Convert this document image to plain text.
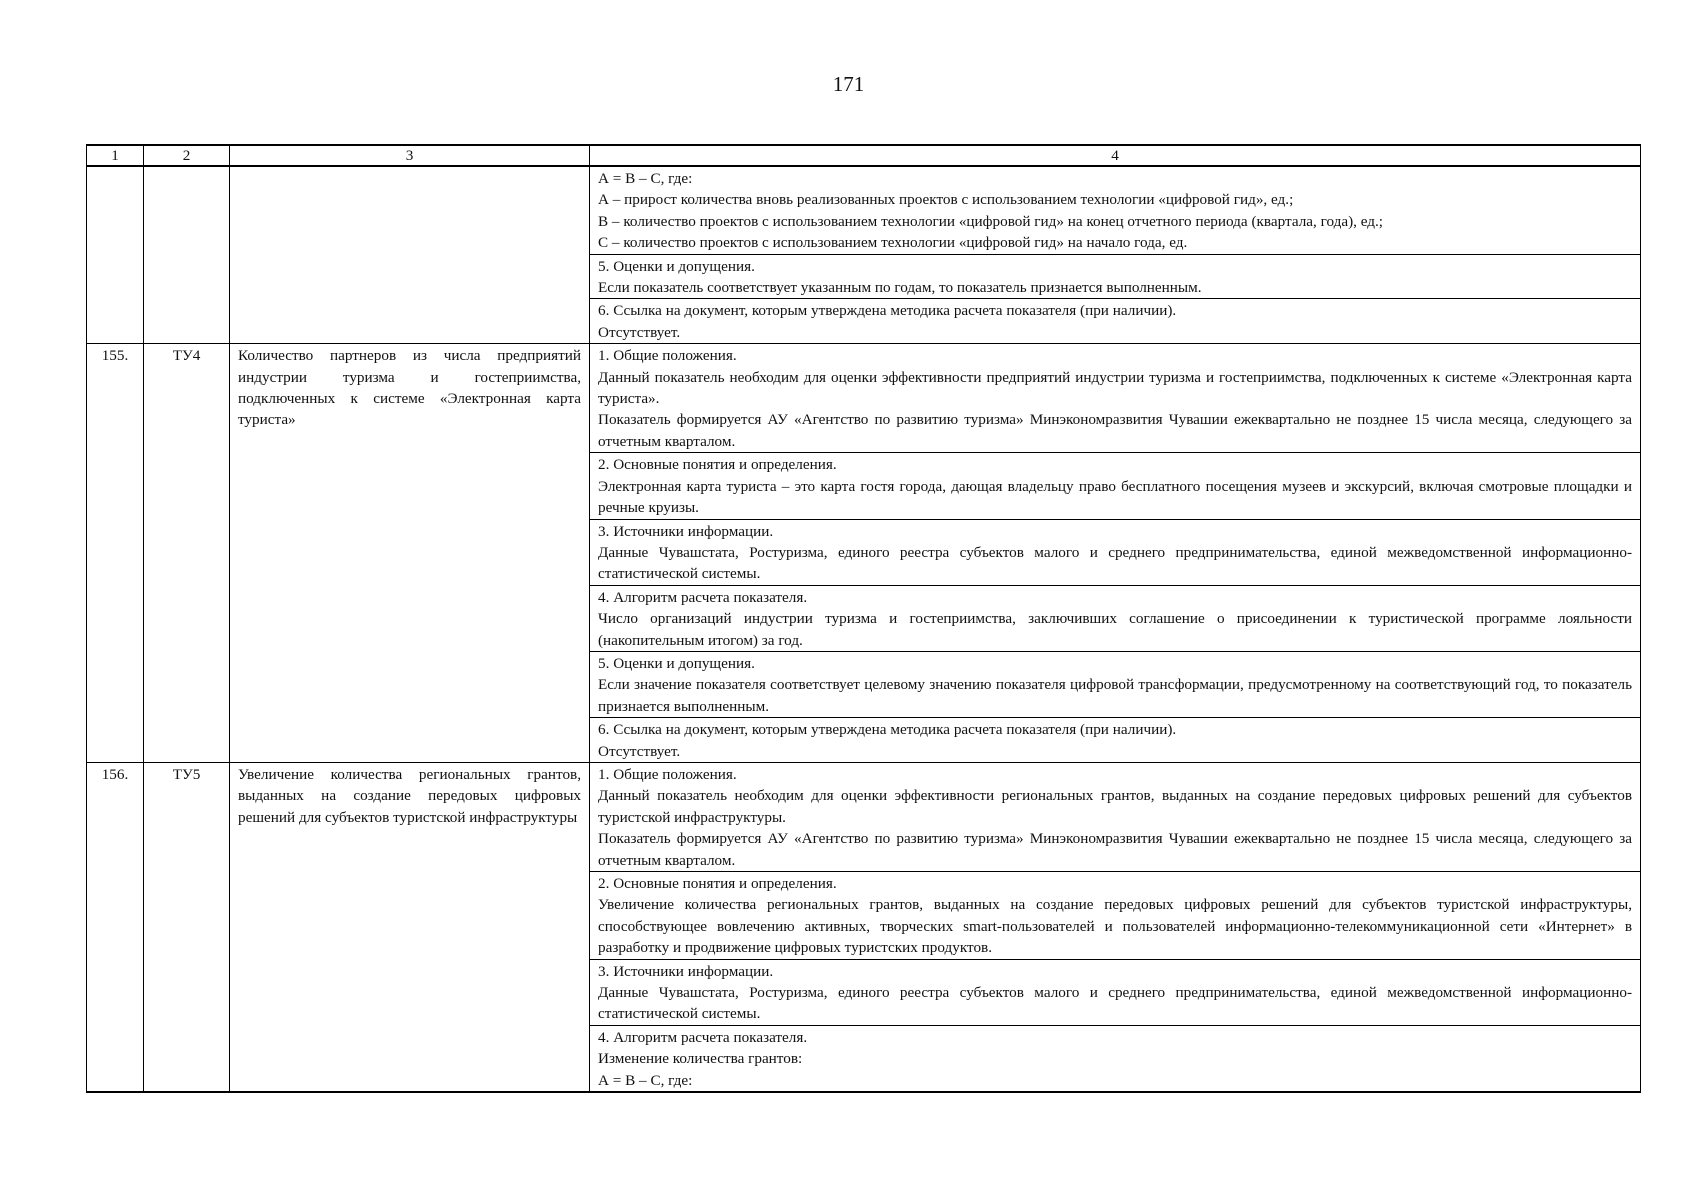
171
1	2	3	4

			А = В – С, где:

А – прирост количества вновь реализованных проектов с использованием технологии «цифровой гид», ед.;

В – количество проектов с использованием технологии «цифровой гид» на конец отчетного периода (квартала, года), ед.;

С – количество проектов с использованием технологии «цифровой гид» на начало года, ед.

			5. Оценки и допущения.

Если показатель соответствует указанным по годам, то показатель признается выполненным.

			6. Ссылка на документ, которым утверждена методика расчета показателя (при наличии).

Отсутствует.

155.	ТУ4	Количество партнеров из числа предприятий индустрии туризма и гостеприимства, подключенных к системе «Электронная карта туриста»	1. Общие положения.

Данный показатель необходим для оценки эффективности предприятий индустрии туризма и гостеприимства, подключенных к системе «Электронная карта туриста».

Показатель формируется АУ «Агентство по развитию туризма» Минэкономразвития Чувашии ежеквартально не позднее 15 числа месяца, следующего за отчетным кварталом.

			2. Основные понятия и определения.

Электронная карта туриста – это карта гостя города, дающая владельцу право бесплатного посещения музеев и экскурсий, включая смотровые площадки и речные круизы.

			3. Источники информации.

Данные Чувашстата, Ростуризма, единого реестра субъектов малого и среднего предпринимательства, единой межведомственной информационно-статистической системы.

			4. Алгоритм расчета показателя.

Число организаций индустрии туризма и гостеприимства, заключивших соглашение о присоединении к туристической программе лояльности (накопительным итогом) за год.

			5. Оценки и допущения.

Если значение показателя соответствует целевому значению показателя цифровой трансформации, предусмотренному на соответствующий год, то показатель признается выполненным.

			6. Ссылка на документ, которым утверждена методика расчета показателя (при наличии).

Отсутствует.

156.	ТУ5	Увеличение количества региональных грантов, выданных на создание передовых цифровых решений для субъектов туристской инфраструктуры	1. Общие положения.

Данный показатель необходим для оценки эффективности региональных грантов, выданных на создание передовых цифровых решений для субъектов туристской инфраструктуры.

Показатель формируется АУ «Агентство по развитию туризма» Минэкономразвития Чувашии ежеквартально не позднее 15 числа месяца, следующего за отчетным кварталом.

			2. Основные понятия и определения.

Увеличение количества региональных грантов, выданных на создание передовых цифровых решений для субъектов туристской инфраструктуры, способствующее вовлечению активных, творческих smart-пользователей и пользователей информационно-телекоммуникационной сети «Интернет» в разработку и продвижение цифровых туристских продуктов.

			3. Источники информации.

Данные Чувашстата, Ростуризма, единого реестра субъектов малого и среднего предпринимательства, единой межведомственной информационно-статистической системы.

			4. Алгоритм расчета показателя.

Изменение количества грантов:

А = В – С, где:
